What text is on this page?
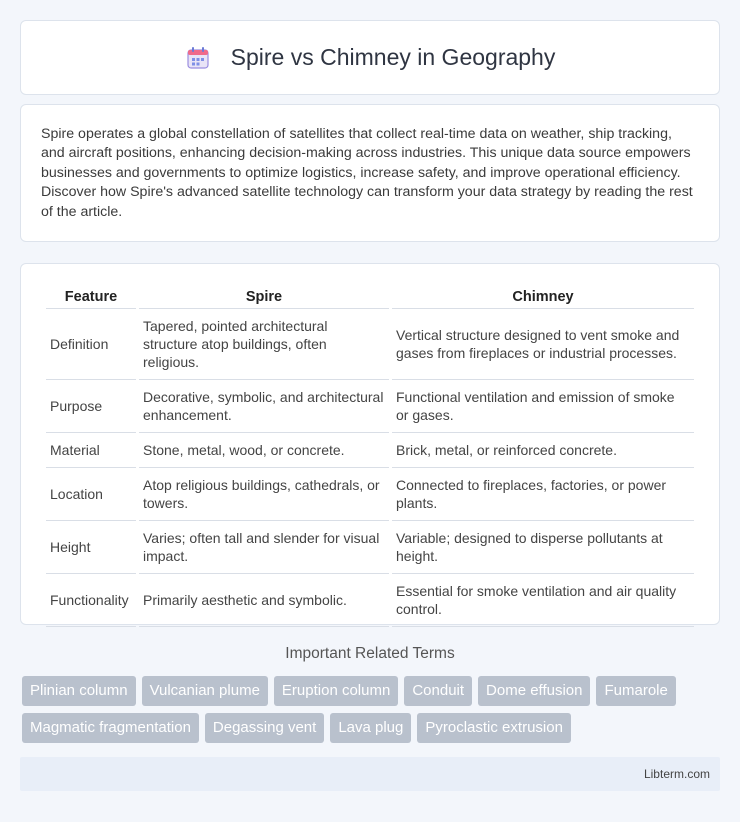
Spire vs Chimney in Geography

Spire operates a global constellation of satellites that collect real-time data on weather, ship tracking, and aircraft positions, enhancing decision-making across industries. This unique data source empowers businesses and governments to optimize logistics, increase safety, and improve operational efficiency. Discover how Spire's advanced satellite technology can transform your data strategy by reading the rest of the article.

Feature	Spire	Chimney
Definition	Tapered, pointed architectural structure atop buildings, often religious.	Vertical structure designed to vent smoke and gases from fireplaces or industrial processes.
Purpose	Decorative, symbolic, and architectural enhancement.	Functional ventilation and emission of smoke or gases.
Material	Stone, metal, wood, or concrete.	Brick, metal, or reinforced concrete.
Location	Atop religious buildings, cathedrals, or towers.	Connected to fireplaces, factories, or power plants.
Height	Varies; often tall and slender for visual impact.	Variable; designed to disperse pollutants at height.
Functionality	Primarily aesthetic and symbolic.	Essential for smoke ventilation and air quality control.
Important Related Terms
Plinian column	Vulcanian plume	Eruption column	Conduit	Dome effusion	Fumarole
Magmatic fragmentation	Degassing vent	Lava plug	Pyroclastic extrusion
Libterm.com
